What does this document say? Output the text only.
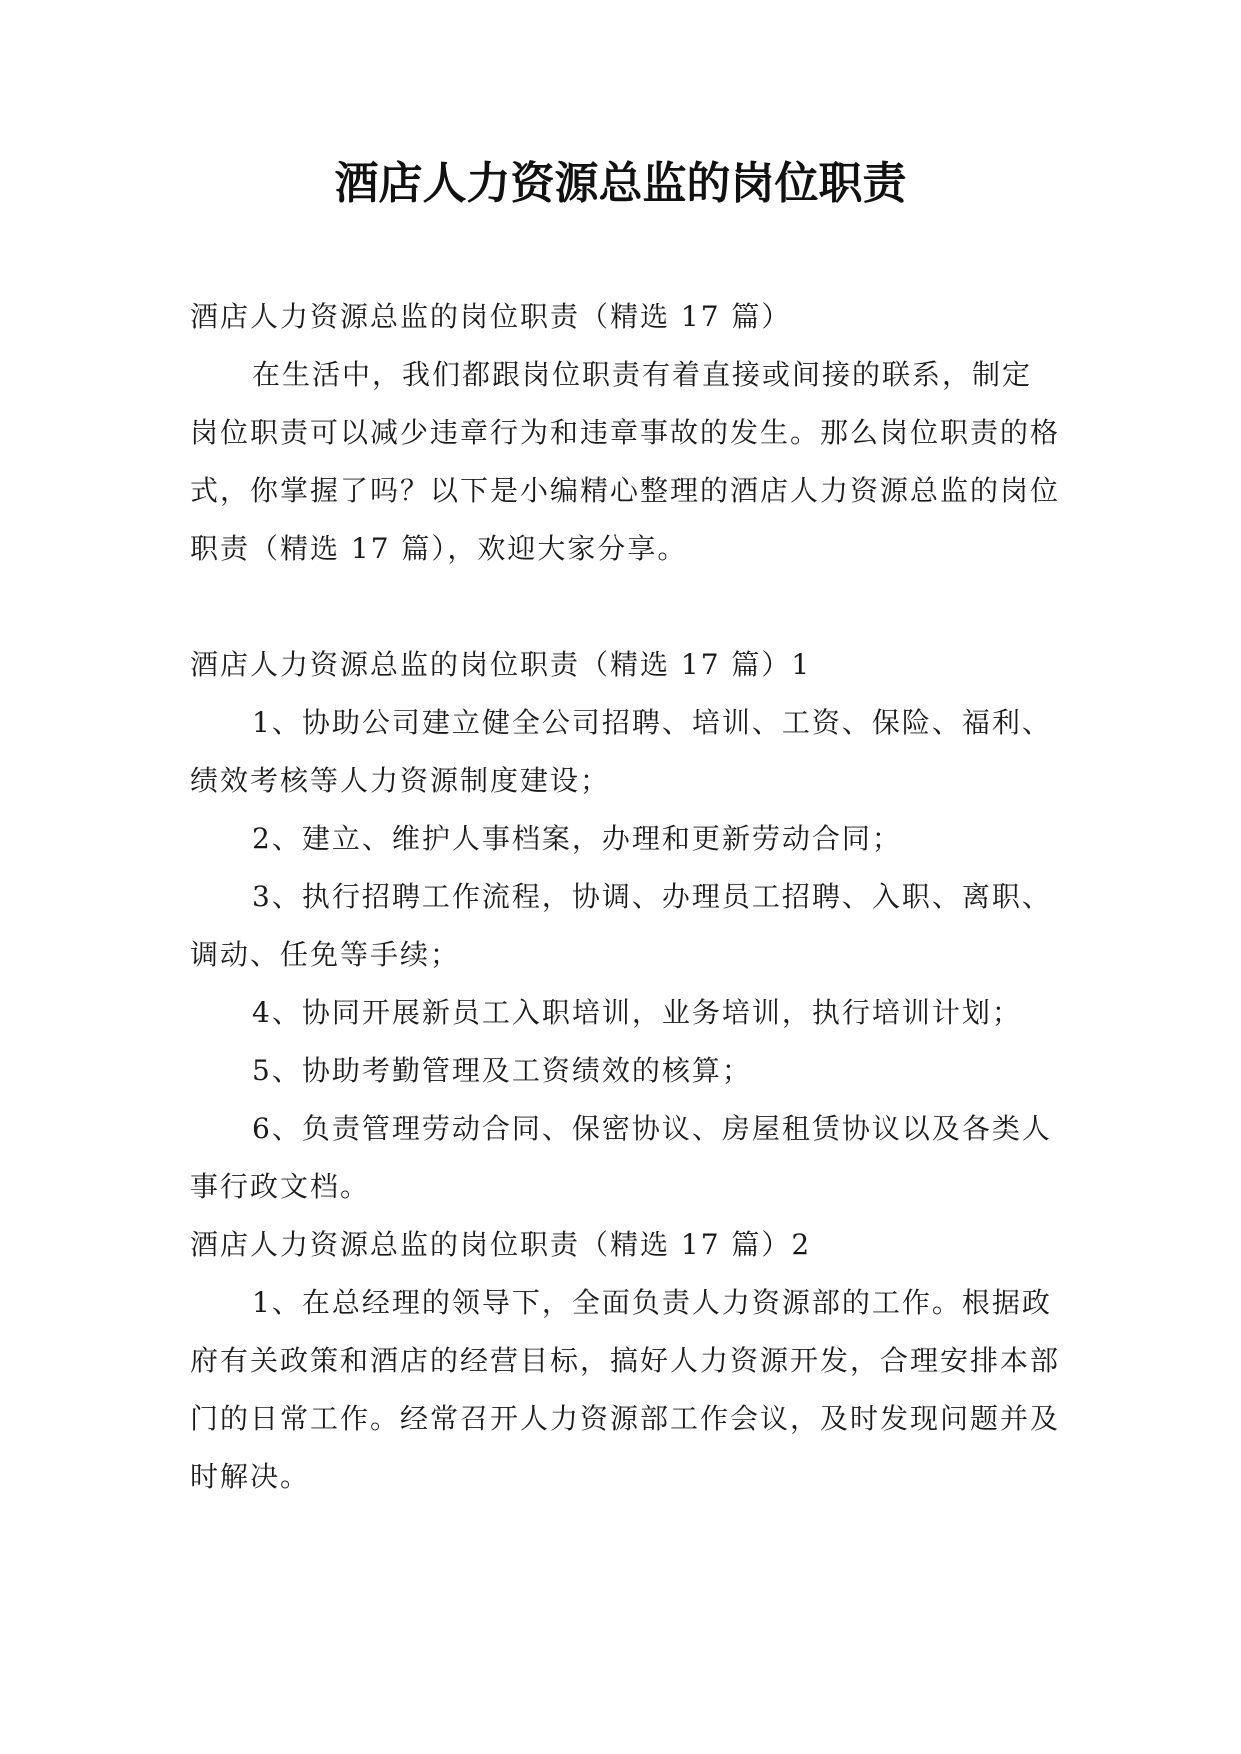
酒店人力资源总监的岗位职责

酒店人力资源总监的岗位职责（精选 17 篇）

在生活中，我们都跟岗位职责有着直接或间接的联系，制定岗位职责可以减少违章行为和违章事故的发生。那么岗位职责的格式，你掌握了吗？以下是小编精心整理的酒店人力资源总监的岗位职责（精选 17 篇），欢迎大家分享。

酒店人力资源总监的岗位职责（精选 17 篇）1

1、协助公司建立健全公司招聘、培训、工资、保险、福利、绩效考核等人力资源制度建设；

2、建立、维护人事档案，办理和更新劳动合同；

3、执行招聘工作流程，协调、办理员工招聘、入职、离职、调动、任免等手续；

4、协同开展新员工入职培训，业务培训，执行培训计划；

5、协助考勤管理及工资绩效的核算；

6、负责管理劳动合同、保密协议、房屋租赁协议以及各类人事行政文档。

酒店人力资源总监的岗位职责（精选 17 篇）2

1、在总经理的领导下，全面负责人力资源部的工作。根据政府有关政策和酒店的经营目标，搞好人力资源开发，合理安排本部门的日常工作。经常召开人力资源部工作会议，及时发现问题并及时解决。
